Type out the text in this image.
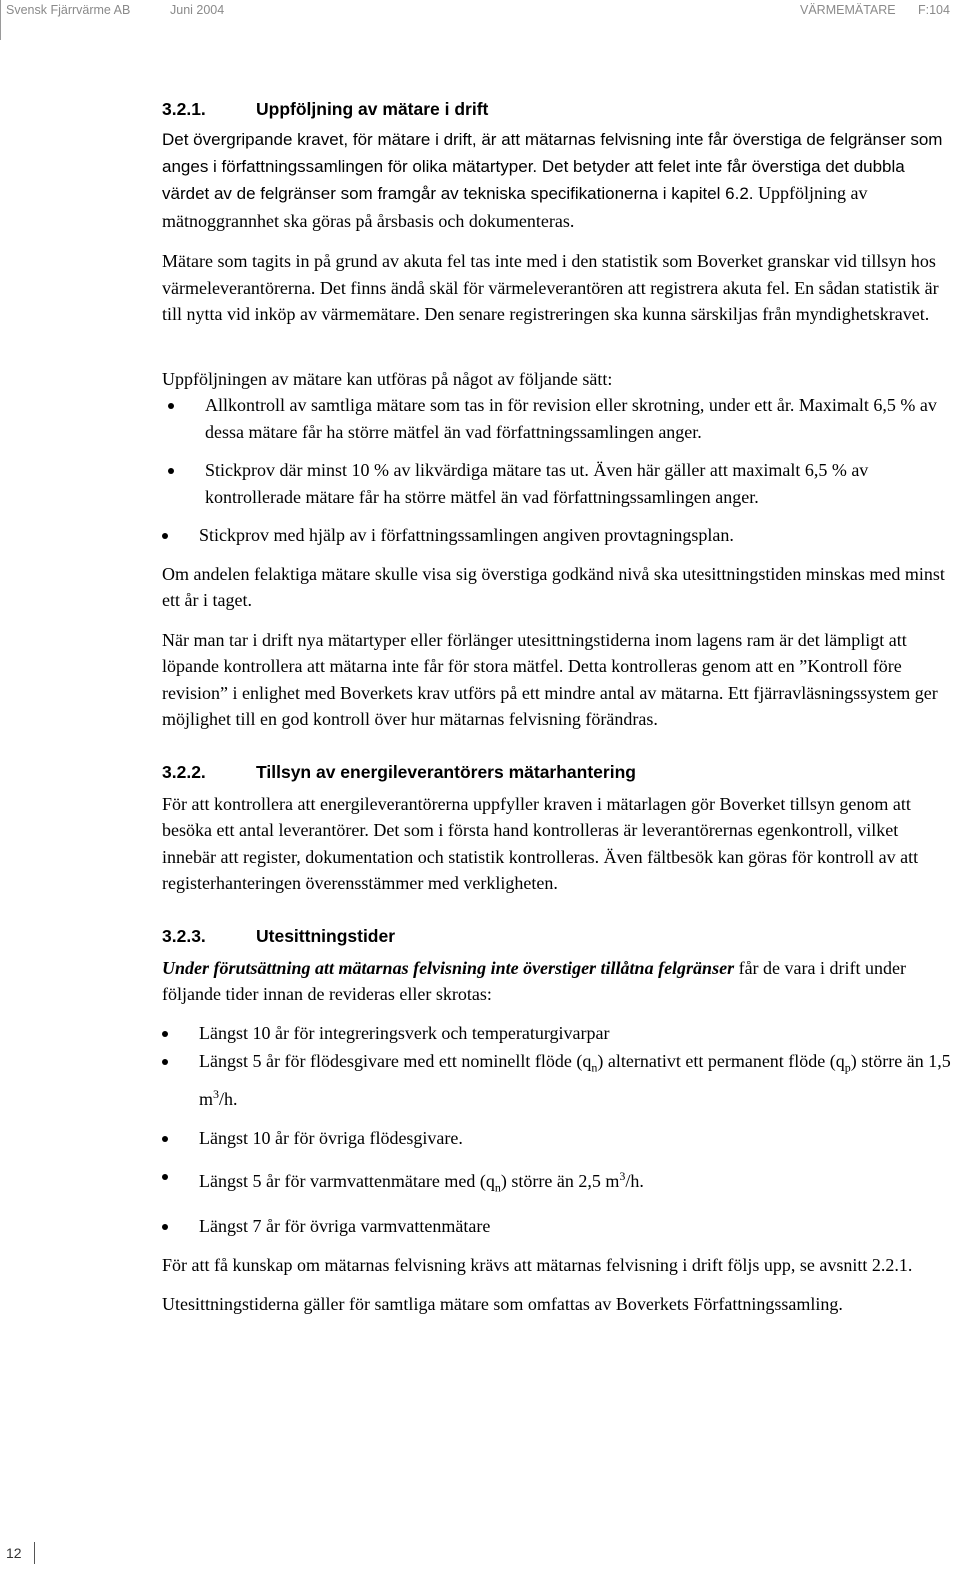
Svensk Fjärrvärme AB	Juni 2004	VÄRMEMÄTARE F:104
3.2.1.	Uppföljning av mätare i drift

Det övergripande kravet, för mätare i drift, är att mätarnas felvisning inte får överstiga de felgränser som anges i författningssamlingen för olika mätartyper. Det betyder att felet inte får överstiga det dubbla värdet av de felgränser som framgår av tekniska specifikationerna i kapitel 6.2. Uppföljning av mätnoggrannhet ska göras på årsbasis och dokumenteras.

Mätare som tagits in på grund av akuta fel tas inte med i den statistik som Boverket granskar vid tillsyn hos värmeleverantörerna. Det finns ändå skäl för värmeleverantören att registrera akuta fel. En sådan statistik är till nytta vid inköp av värmemätare. Den senare registreringen ska kunna särskiljas från myndighetskravet.

Uppföljningen av mätare kan utföras på något av följande sätt:

Allkontroll av samtliga mätare som tas in för revision eller skrotning, under ett år. Maximalt 6,5 % av dessa mätare får ha större mätfel än vad författningssamlingen anger.
Stickprov där minst 10 % av likvärdiga mätare tas ut. Även här gäller att maximalt 6,5 % av kontrollerade mätare får ha större mätfel än vad författningssamlingen anger.
Stickprov med hjälp av i författningssamlingen angiven provtagningsplan.

Om andelen felaktiga mätare skulle visa sig överstiga godkänd nivå ska utesittningstiden minskas med minst ett år i taget.

När man tar i drift nya mätartyper eller förlänger utesittningstiderna inom lagens ram är det lämpligt att löpande kontrollera att mätarna inte får för stora mätfel. Detta kontrolleras genom att en ”Kontroll före revision” i enlighet med Boverkets krav utförs på ett mindre antal av mätarna. Ett fjärravläsningssystem ger möjlighet till en god kontroll över hur mätarnas felvisning förändras.

3.2.2.	Tillsyn av energileverantörers mätarhantering

För att kontrollera att energileverantörerna uppfyller kraven i mätarlagen gör Boverket tillsyn genom att besöka ett antal leverantörer. Det som i första hand kontrolleras är leverantörernas egenkontroll, vilket innebär att register, dokumentation och statistik kontrolleras. Även fältbesök kan göras för kontroll av att registerhanteringen överensstämmer med verkligheten.

3.2.3.	Utesittningstider

Under förutsättning att mätarnas felvisning inte överstiger tillåtna felgränser får de vara i drift under följande tider innan de revideras eller skrotas:

Längst 10 år för integreringsverk och temperaturgivarpar
Längst 5 år för flödesgivare med ett nominellt flöde $(q_n)$ alternativt ett permanent flöde $(q_p)$ större än 1,5 $m^3/h$.
Längst 10 år för övriga flödesgivare.
Längst 5 år för varmvattenmätare med $(q_n)$ större än 2,5 $m^3/h$.
Längst 7 år för övriga varmvattenmätare

För att få kunskap om mätarnas felvisning krävs att mätarnas felvisning i drift följs upp, se avsnitt 2.2.1.

Utesittningstiderna gäller för samtliga mätare som omfattas av Boverkets Författningssamling.

12
